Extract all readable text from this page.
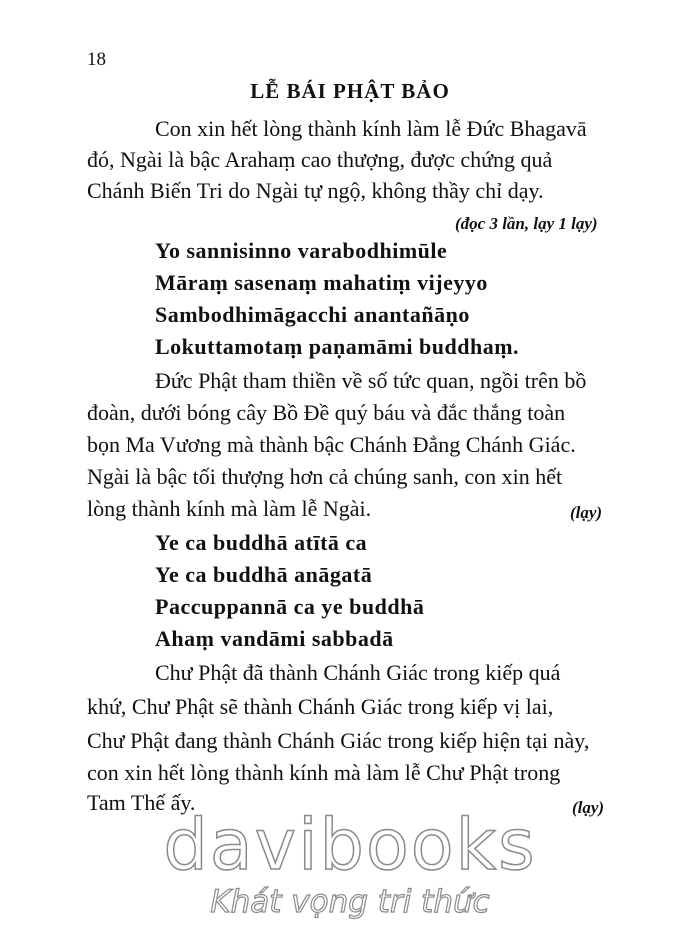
18
LỄ BÁI PHẬT BẢO
Con xin hết lòng thành kính làm lễ Đức Bhagavā
đó, Ngài là bậc Arahaṃ cao thượng, được chứng quả
Chánh Biến Tri do Ngài tự ngộ, không thầy chỉ dạy.
(đọc 3 lần, lạy 1 lạy)
Yo sannisinno varabodhimūle
Māraṃ sasenaṃ mahatiṃ vijeyyo
Sambodhimāgacchi anantañāṇo
Lokuttamotaṃ paṇamāmi buddhaṃ.
Đức Phật tham thiền về số tức quan, ngồi trên bồ
đoàn, dưới bóng cây Bồ Đề quý báu và đắc thắng toàn
bọn Ma Vương mà thành bậc Chánh Đẳng Chánh Giác.
Ngài là bậc tối thượng hơn cả chúng sanh, con xin hết
lòng thành kính mà làm lễ Ngài.	(lạy)
Ye ca buddhā atītā ca
Ye ca buddhā anāgatā
Paccuppannā ca ye buddhā
Ahaṃ vandāmi sabbadā
Chư Phật đã thành Chánh Giác trong kiếp quá
khứ, Chư Phật sẽ thành Chánh Giác trong kiếp vị lai,
Chư Phật đang thành Chánh Giác trong kiếp hiện tại này,
con xin hết lòng thành kính mà làm lễ Chư Phật trong
Tam Thế ấy.	(lạy)
davibooks
Khát vọng tri thức
